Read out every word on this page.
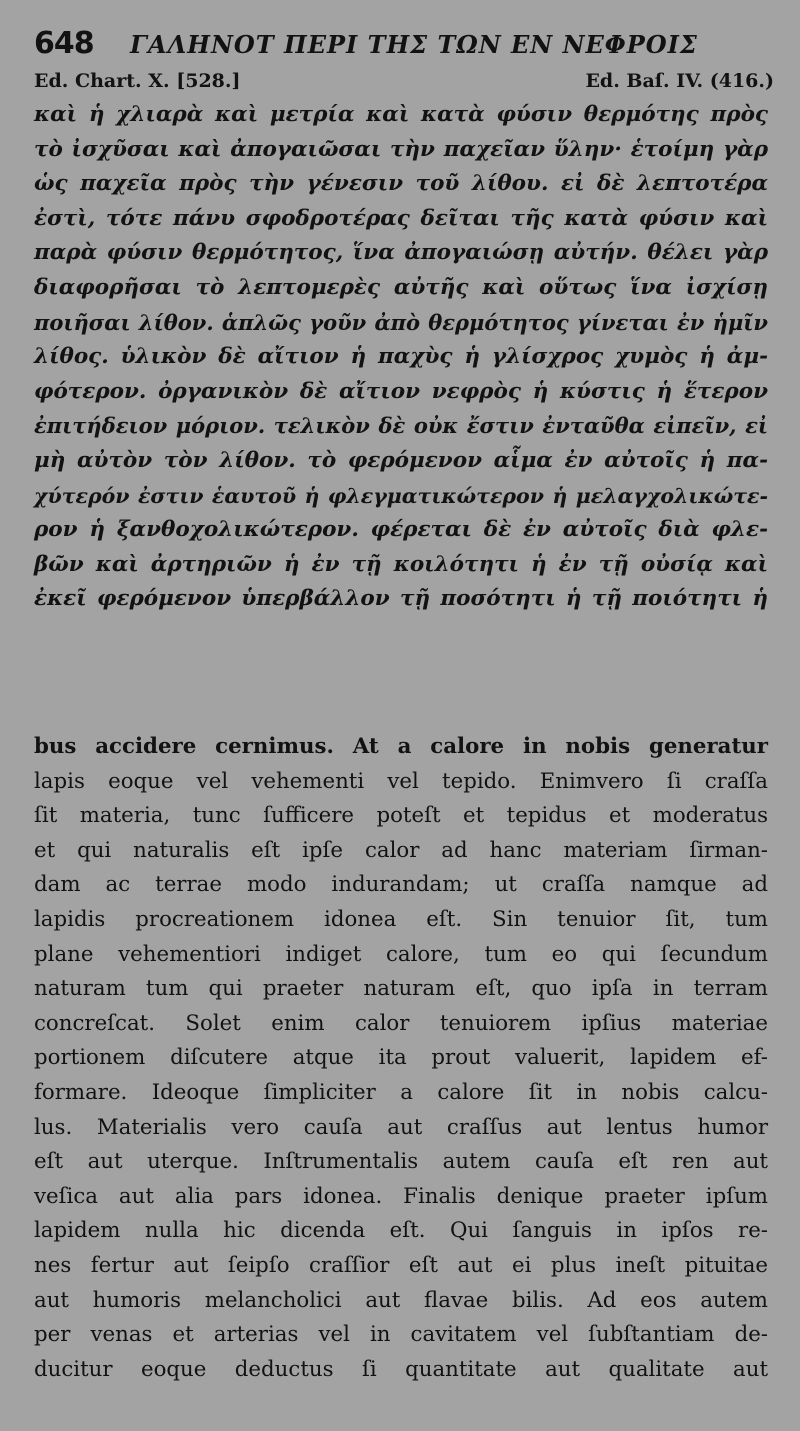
648 ΓΑΛΗΝΟΤ ΠΕΡΙ ΤΗΣ ΤΩΝ ΕΝ ΝΕΦΡΟΙΣ
Ed. Chart. X. [528.]	Ed. Baſ. IV. (416.)
καὶ ἡ χλιαρὰ καὶ μετρία καὶ κατὰ φύσιν θερμότης πρὸς
τὸ ἰσχῦσαι καὶ ἀπογαιῶσαι τὴν παχεῖαν ὕλην· ἑτοίμη γὰρ
ὡς παχεῖα πρὸς τὴν γένεσιν τοῦ λίθου. εἰ δὲ λεπτοτέρα
ἐστὶ, τότε πάνυ σφοδροτέρας δεῖται τῆς κατὰ φύσιν καὶ
παρὰ φύσιν θερμότητος, ἵνα ἀπογαιώσῃ αὐτήν. θέλει γὰρ
διαφορῆσαι τὸ λεπτομερὲς αὐτῆς καὶ οὕτως ἵνα ἰσχίσῃ
ποιῆσαι λίθον. ἁπλῶς γοῦν ἀπὸ θερμότητος γίνεται ἐν ἡμῖν
λίθος. ὑλικὸν δὲ αἴτιον ἡ παχὺς ἡ γλίσχρος χυμὸς ἡ ἀμ-
φότερον. ὀργανικὸν δὲ αἴτιον νεφρὸς ἡ κύστις ἡ ἕτερον
ἐπιτήδειον μόριον. τελικὸν δὲ οὐκ ἔστιν ἐνταῦθα εἰπεῖν, εἰ
μὴ αὐτὸν τὸν λίθον. τὸ φερόμενον αἷμα ἐν αὐτοῖς ἡ πα-
χύτερόν ἐστιν ἑαυτοῦ ἡ φλεγματικώτερον ἡ μελαγχολικώτε-
ρον ἡ ξανθοχολικώτερον. φέρεται δὲ ἐν αὐτοῖς διὰ φλε-
βῶν καὶ ἀρτηριῶν ἡ ἐν τῇ κοιλότητι ἡ ἐν τῇ οὐσίᾳ καὶ
ἐκεῖ φερόμενον ὑπερβάλλον τῇ ποσότητι ἡ τῇ ποιότητι ἡ
bus accidere cernimus. At a calore in nobis generatur
lapis eoque vel vehementi vel tepido. Enimvero ſi craſſa
ſit materia, tunc ſufficere poteſt et tepidus et moderatus
et qui naturalis eſt ipſe calor ad hanc materiam ſirman-
dam ac terrae modo indurandam; ut craſſa namque ad
lapidis procreationem idonea eſt. Sin tenuior ſit, tum
plane vehementiori indiget calore, tum eo qui ſecundum
naturam tum qui praeter naturam eſt, quo ipſa in terram
concreſcat. Solet enim calor tenuiorem ipſius materiae
portionem diſcutere atque ita prout valuerit, lapidem ef-
formare. Ideoque ſimpliciter a calore ſit in nobis calcu-
lus. Materialis vero cauſa aut craſſus aut lentus humor
eſt aut uterque. Inſtrumentalis autem cauſa eſt ren aut
veſica aut alia pars idonea. Finalis denique praeter ipſum
lapidem nulla hic dicenda eſt. Qui ſanguis in ipſos re-
nes fertur aut ſeipſo craſſior eſt aut ei plus ineſt pituitae
aut humoris melancholici aut flavae bilis. Ad eos autem
per venas et arterias vel in cavitatem vel ſubſtantiam de-
ducitur eoque deductus ſi quantitate aut qualitate aut
